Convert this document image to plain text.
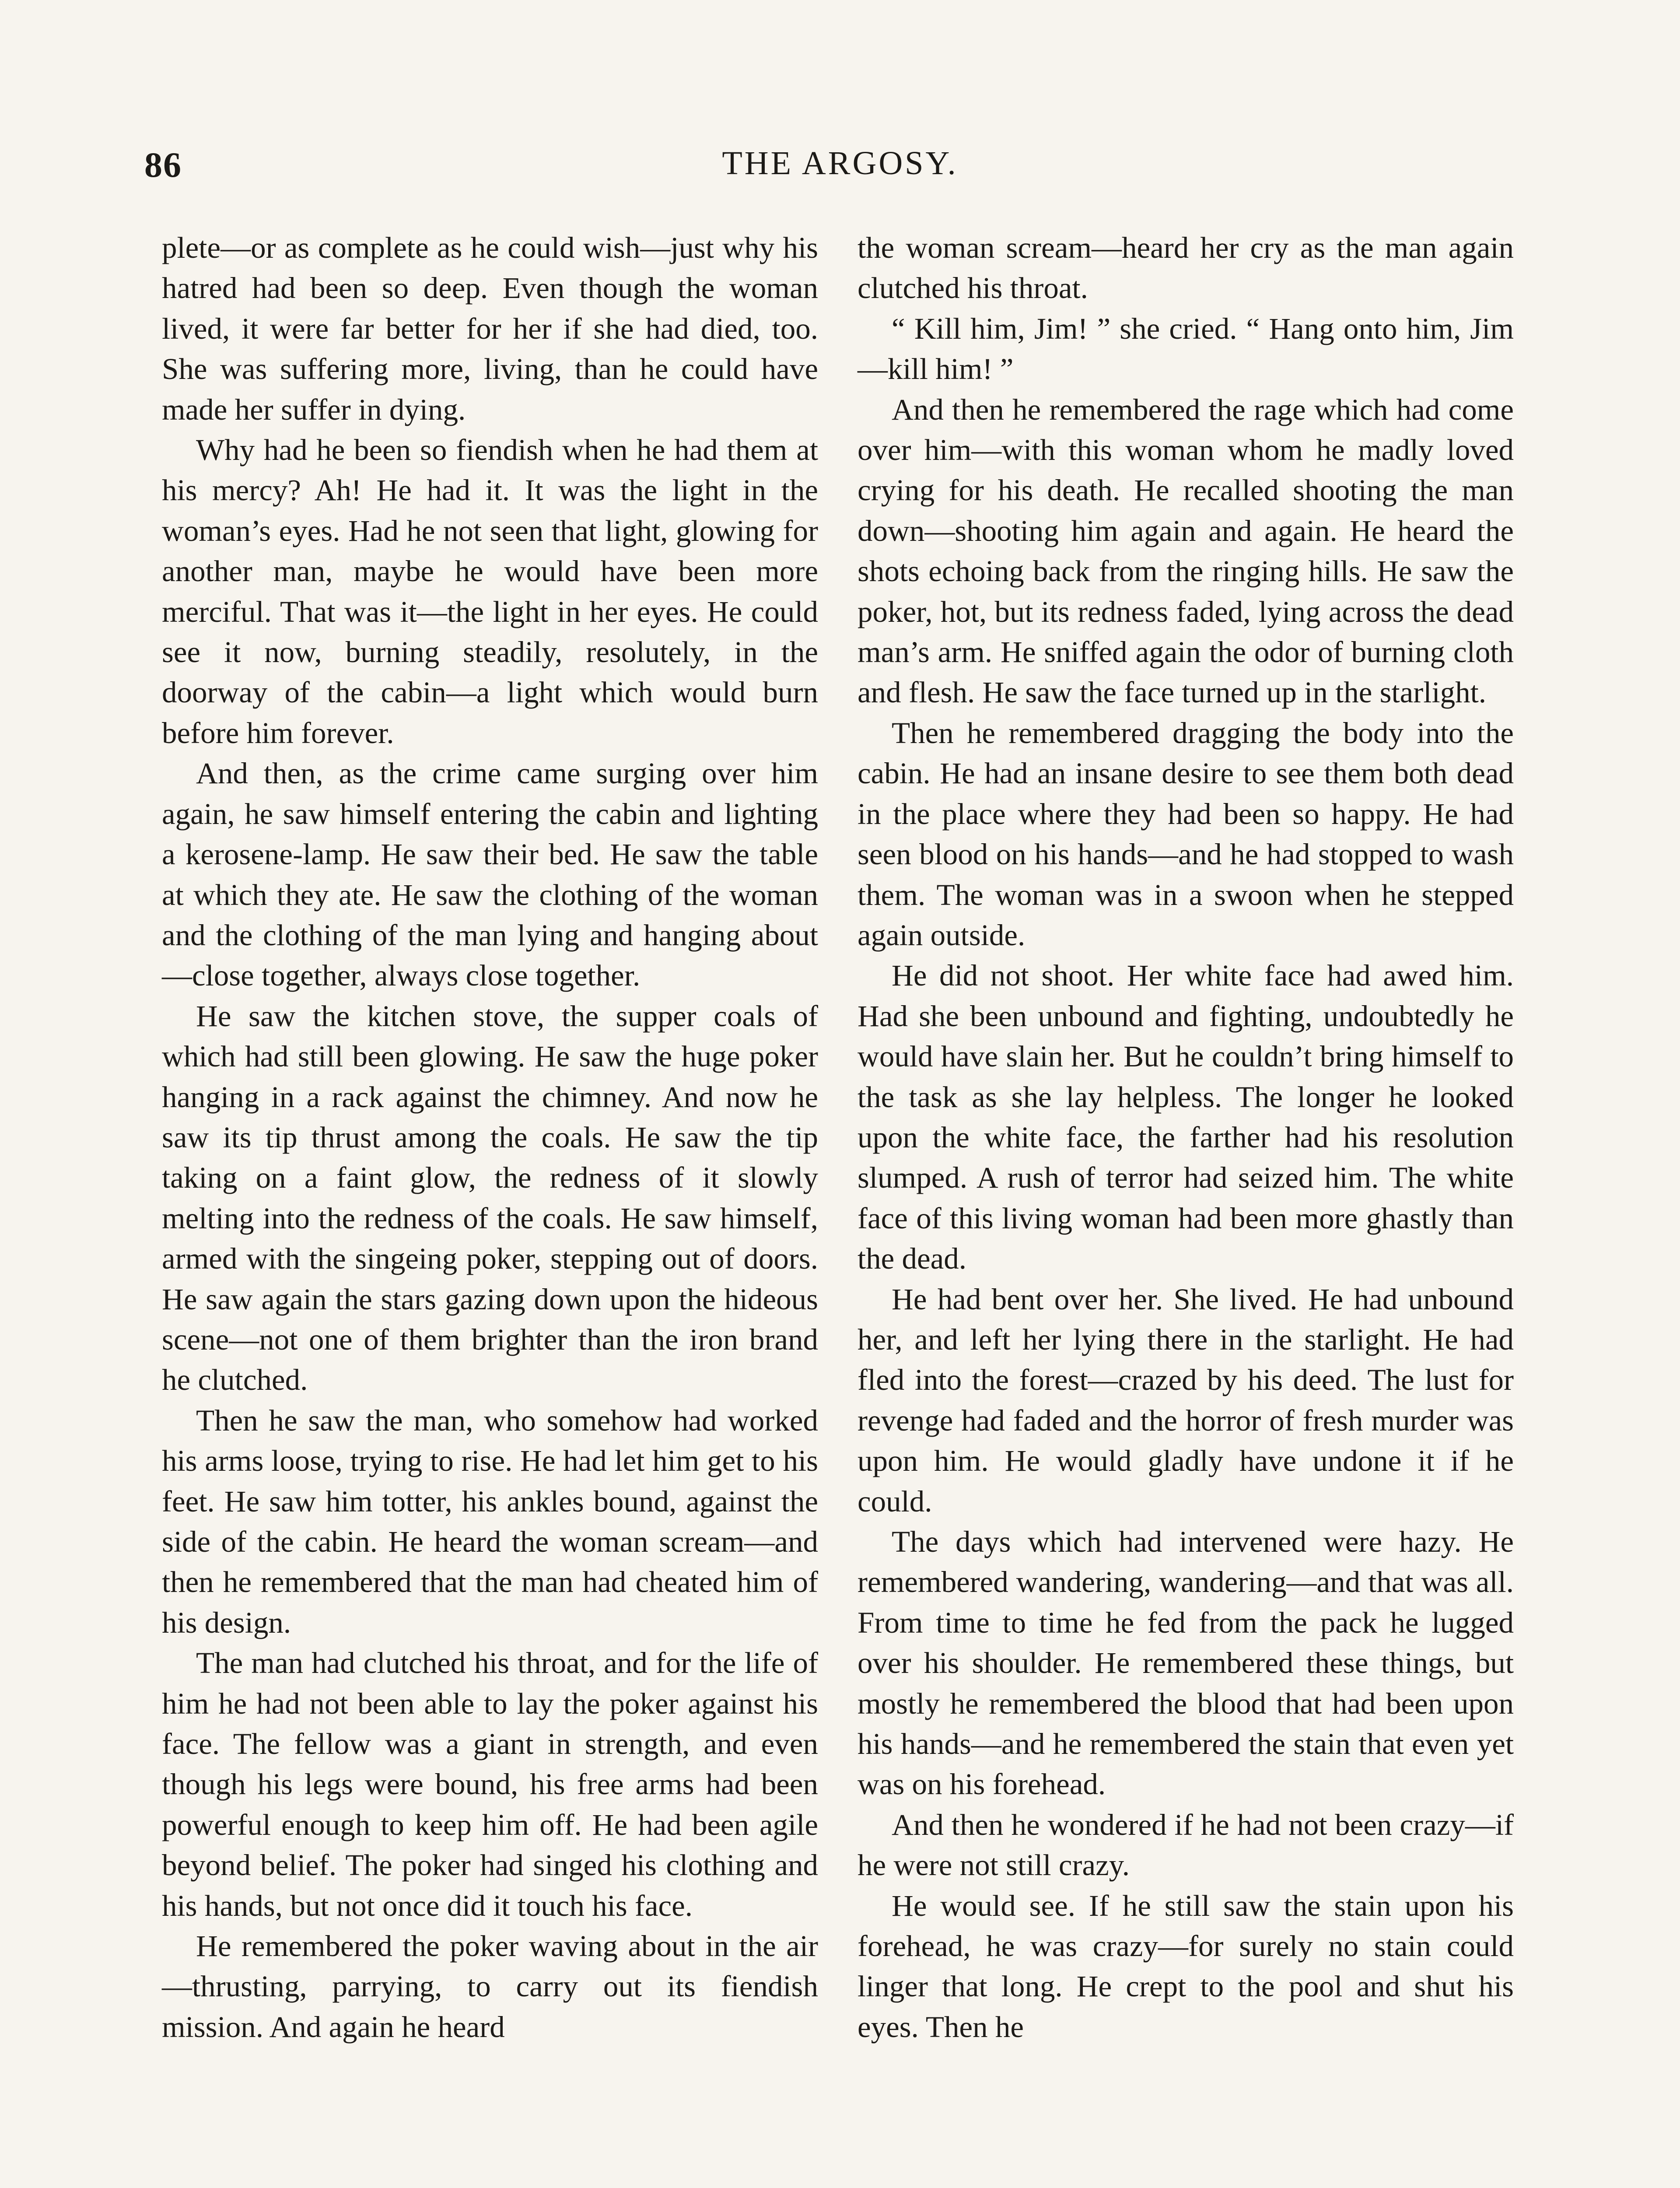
86	THE ARGOSY.

plete—or as complete as he could wish—just why his hatred had been so deep. Even though the woman lived, it were far better for her if she had died, too. She was suffering more, living, than he could have made her suffer in dying.

Why had he been so fiendish when he had them at his mercy? Ah! He had it. It was the light in the woman’s eyes. Had he not seen that light, glowing for another man, maybe he would have been more merciful. That was it—the light in her eyes. He could see it now, burning steadily, resolutely, in the doorway of the cabin—a light which would burn before him forever.

And then, as the crime came surging over him again, he saw himself entering the cabin and lighting a kerosene-lamp. He saw their bed. He saw the table at which they ate. He saw the clothing of the woman and the clothing of the man lying and hanging about—close together, always close together.

He saw the kitchen stove, the supper coals of which had still been glowing. He saw the huge poker hanging in a rack against the chimney. And now he saw its tip thrust among the coals. He saw the tip taking on a faint glow, the redness of it slowly melting into the redness of the coals. He saw himself, armed with the singeing poker, stepping out of doors. He saw again the stars gazing down upon the hideous scene—not one of them brighter than the iron brand he clutched.

Then he saw the man, who somehow had worked his arms loose, trying to rise. He had let him get to his feet. He saw him totter, his ankles bound, against the side of the cabin. He heard the woman scream—and then he remembered that the man had cheated him of his design.

The man had clutched his throat, and for the life of him he had not been able to lay the poker against his face. The fellow was a giant in strength, and even though his legs were bound, his free arms had been powerful enough to keep him off. He had been agile beyond belief. The poker had singed his clothing and his hands, but not once did it touch his face.

He remembered the poker waving about in the air—thrusting, parrying, to carry out its fiendish mission. And again he heard

the woman scream—heard her cry as the man again clutched his throat.

“ Kill him, Jim! ” she cried. “ Hang onto him, Jim—kill him! ”

And then he remembered the rage which had come over him—with this woman whom he madly loved crying for his death. He recalled shooting the man down—shooting him again and again. He heard the shots echoing back from the ringing hills. He saw the poker, hot, but its redness faded, lying across the dead man’s arm. He sniffed again the odor of burning cloth and flesh. He saw the face turned up in the starlight.

Then he remembered dragging the body into the cabin. He had an insane desire to see them both dead in the place where they had been so happy. He had seen blood on his hands—and he had stopped to wash them. The woman was in a swoon when he stepped again outside.

He did not shoot. Her white face had awed him. Had she been unbound and fighting, undoubtedly he would have slain her. But he couldn’t bring himself to the task as she lay helpless. The longer he looked upon the white face, the farther had his resolution slumped. A rush of terror had seized him. The white face of this living woman had been more ghastly than the dead.

He had bent over her. She lived. He had unbound her, and left her lying there in the starlight. He had fled into the forest—crazed by his deed. The lust for revenge had faded and the horror of fresh murder was upon him. He would gladly have undone it if he could.

The days which had intervened were hazy. He remembered wandering, wandering—and that was all. From time to time he fed from the pack he lugged over his shoulder. He remembered these things, but mostly he remembered the blood that had been upon his hands—and he remembered the stain that even yet was on his forehead.

And then he wondered if he had not been crazy—if he were not still crazy.

He would see. If he still saw the stain upon his forehead, he was crazy—for surely no stain could linger that long. He crept to the pool and shut his eyes. Then he
